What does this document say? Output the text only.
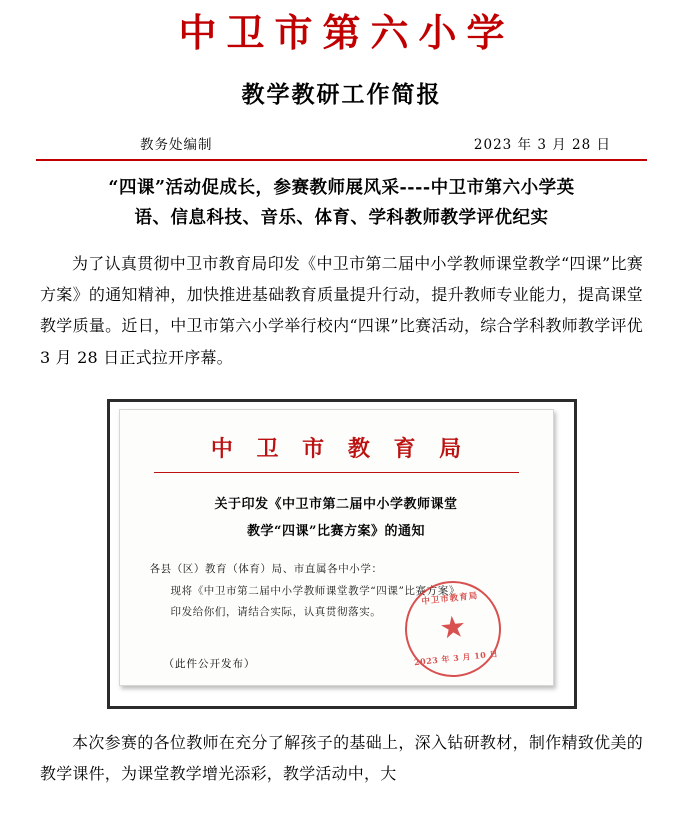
中卫市第六小学
教学教研工作简报
教务处编制	2023 年 3 月 28 日
“四课”活动促成长，参赛教师展风采----中卫市第六小学英
语、信息科技、音乐、体育、学科教师教学评优纪实
为了认真贯彻中卫市教育局印发《中卫市第二届中小学教师课堂教学“四课”比赛方案》的通知精神，加快推进基础教育质量提升行动，提升教师专业能力，提高课堂教学质量。近日，中卫市第六小学举行校内“四课”比赛活动，综合学科教师教学评优 3 月 28 日正式拉开序幕。
中 卫 市 教 育 局
关于印发《中卫市第二届中小学教师课堂
教学“四课”比赛方案》的通知
各县（区）教育（体育）局、市直属各中小学：
现将《中卫市第二届中小学教师课堂教学“四课”比赛方案》
印发给你们，请结合实际，认真贯彻落实。
（此件公开发布）
中卫市教育局
★
2023 年 3 月 10 日
本次参赛的各位教师在充分了解孩子的基础上，深入钻研教材，制作精致优美的教学课件，为课堂教学增光添彩，教学活动中，大
